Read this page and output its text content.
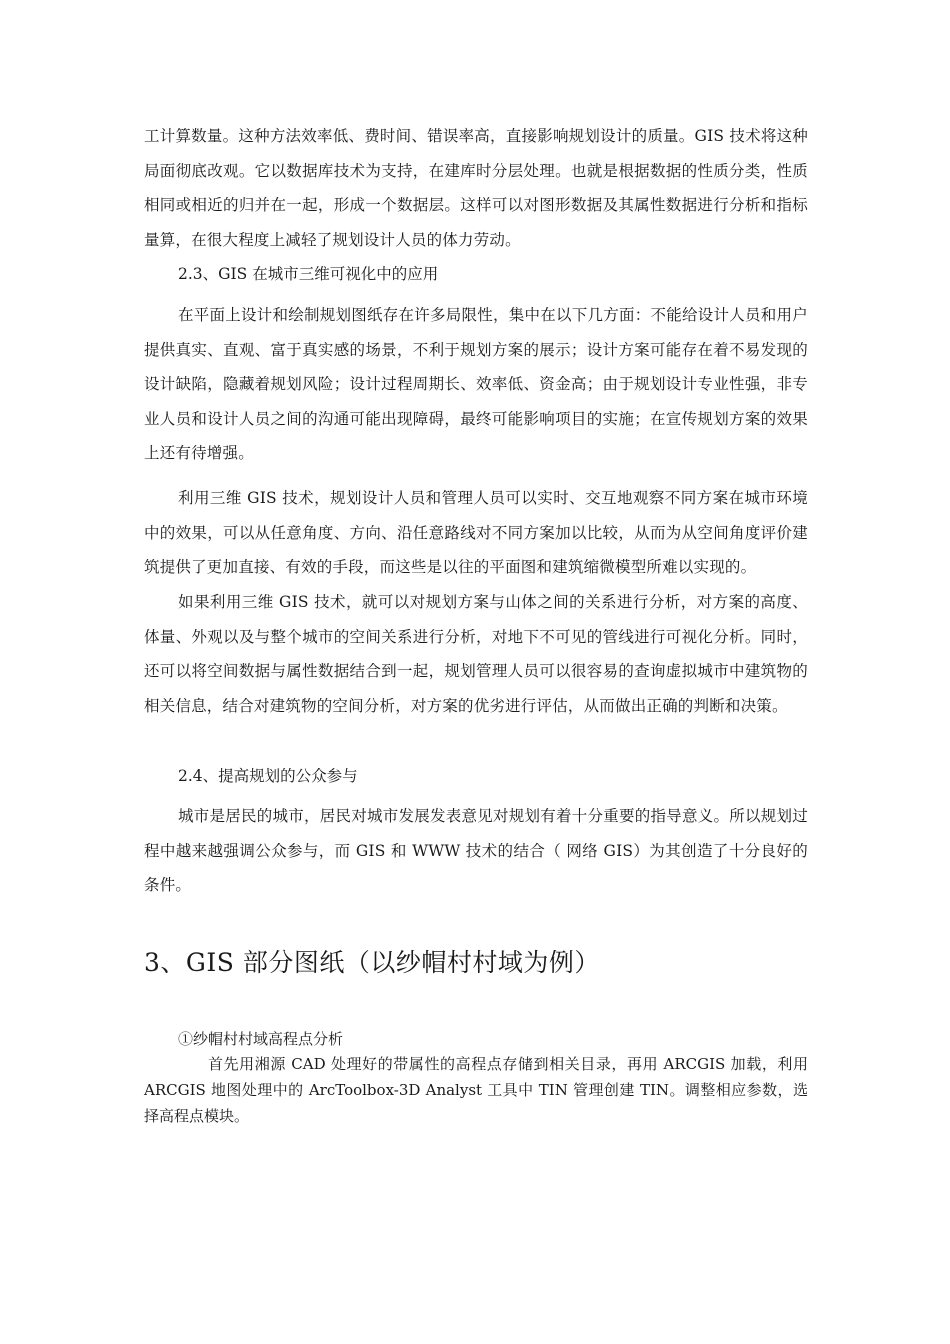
工计算数量。这种方法效率低、费时间、错误率高，直接影响规划设计的质量。GIS 技术将这种局面彻底改观。它以数据库技术为支持，在建库时分层处理。也就是根据数据的性质分类，性质相同或相近的归并在一起，形成一个数据层。这样可以对图形数据及其属性数据进行分析和指标量算，在很大程度上减轻了规划设计人员的体力劳动。

2.3、GIS 在城市三维可视化中的应用

在平面上设计和绘制规划图纸存在许多局限性，集中在以下几方面：不能给设计人员和用户提供真实、直观、富于真实感的场景，不利于规划方案的展示；设计方案可能存在着不易发现的设计缺陷，隐藏着规划风险；设计过程周期长、效率低、资金高；由于规划设计专业性强，非专业人员和设计人员之间的沟通可能出现障碍，最终可能影响项目的实施；在宣传规划方案的效果上还有待增强。

利用三维 GIS 技术，规划设计人员和管理人员可以实时、交互地观察不同方案在城市环境中的效果，可以从任意角度、方向、沿任意路线对不同方案加以比较，从而为从空间角度评价建筑提供了更加直接、有效的手段，而这些是以往的平面图和建筑缩微模型所难以实现的。

如果利用三维 GIS 技术，就可以对规划方案与山体之间的关系进行分析，对方案的高度、体量、外观以及与整个城市的空间关系进行分析，对地下不可见的管线进行可视化分析。同时，还可以将空间数据与属性数据结合到一起，规划管理人员可以很容易的查询虚拟城市中建筑物的相关信息，结合对建筑物的空间分析，对方案的优劣进行评估，从而做出正确的判断和决策。

2.4、提高规划的公众参与

城市是居民的城市，居民对城市发展发表意见对规划有着十分重要的指导意义。所以规划过程中越来越强调公众参与，而 GIS 和 WWW 技术的结合（ 网络 GIS）为其创造了十分良好的条件。

3、GIS 部分图纸（以纱帽村村域为例）

①纱帽村村域高程点分析

首先用湘源 CAD 处理好的带属性的高程点存储到相关目录，再用 ARCGIS 加载，利用 ARCGIS 地图处理中的 ArcToolbox-3D Analyst 工具中 TIN 管理创建 TIN。调整相应参数，选择高程点模块。
